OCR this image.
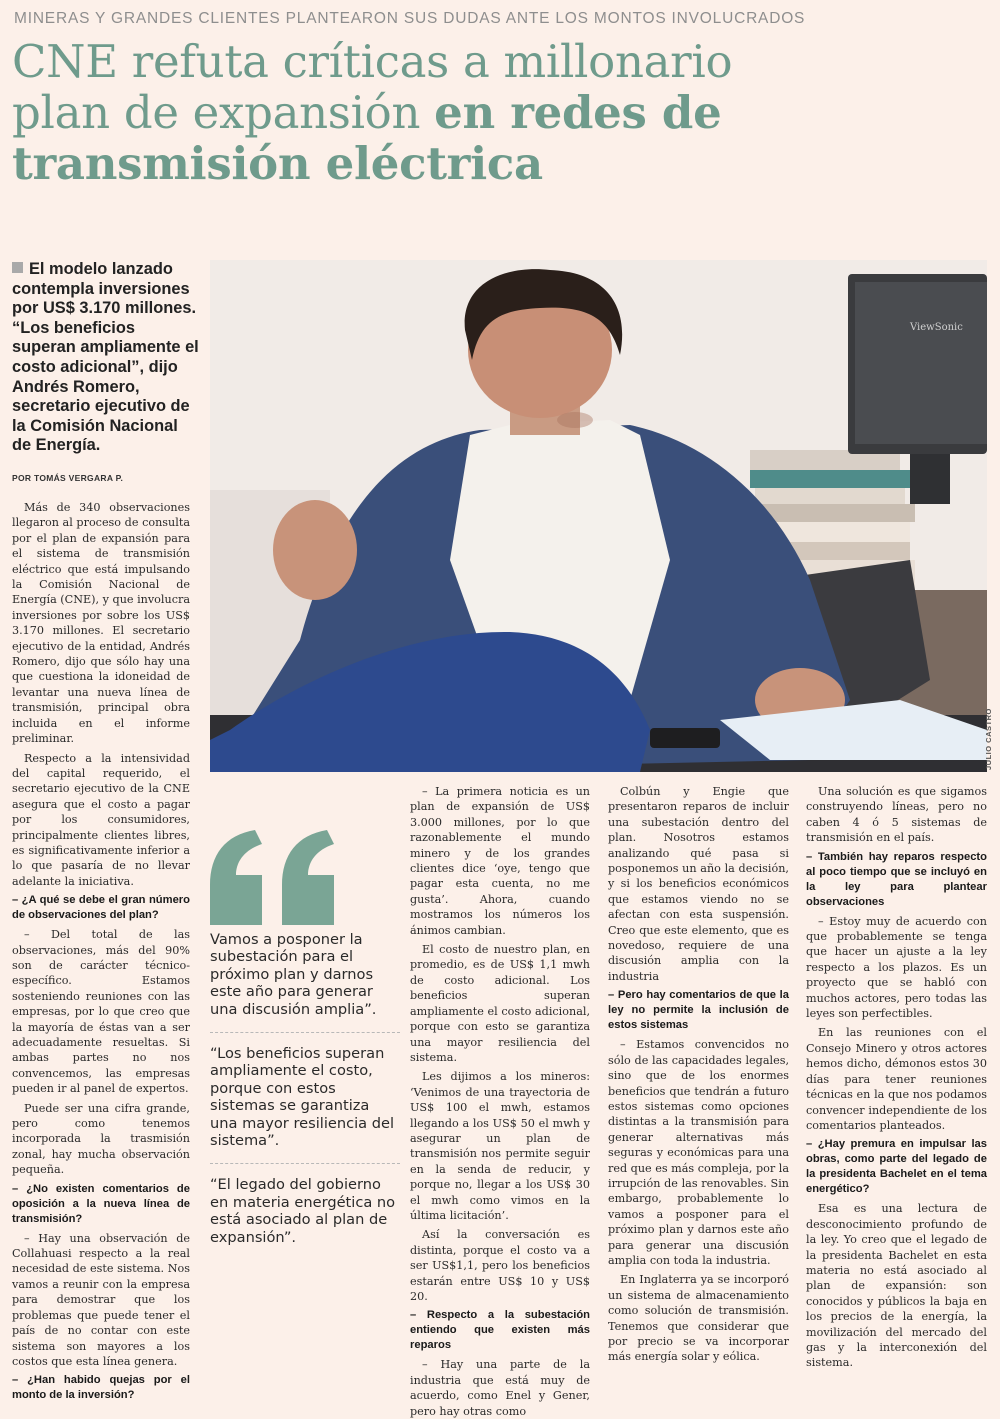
MINERAS Y GRANDES CLIENTES PLANTEARON SUS DUDAS ANTE LOS MONTOS INVOLUCRADOS
CNE refuta críticas a millonario
plan de expansión en redes de
transmisión eléctrica
El modelo lanzado contempla inversiones por US$ 3.170 millones. “Los beneficios superan ampliamente el costo adicional”, dijo Andrés Romero, secretario ejecutivo de la Comisión Nacional de Energía.
POR TOMÁS VERGARA P.

Más de 340 observaciones llegaron al proceso de consulta por el plan de expansión para el sistema de transmisión eléctrico que está impulsando la Comisión Nacional de Energía (CNE), y que involucra inversiones por sobre los US$ 3.170 millones. El secretario ejecutivo de la entidad, Andrés Romero, dijo que sólo hay una que cuestiona la idoneidad de levantar una nueva línea de transmisión, principal obra incluida en el informe preliminar.

Respecto a la intensividad del capital requerido, el secretario ejecutivo de la CNE asegura que el costo a pagar por los consumidores, principalmente clientes libres, es significativamente inferior a lo que pasaría de no llevar adelante la iniciativa.

– ¿A qué se debe el gran número de observaciones del plan?

– Del total de las observaciones, más del 90% son de carácter técnico-específico. Estamos sosteniendo reuniones con las empresas, por lo que creo que la mayoría de éstas van a ser adecuadamente resueltas. Si ambas partes no nos convencemos, las empresas pueden ir al panel de expertos.

Puede ser una cifra grande, pero como tenemos incorporada la trasmisión zonal, hay mucha observación pequeña.

– ¿No existen comentarios de oposición a la nueva línea de transmisión?

– Hay una observación de Collahuasi respecto a la real necesidad de este sistema. Nos vamos a reunir con la empresa para demostrar que los problemas que puede tener el país de no contar con este sistema son mayores a los costos que esta línea genera.

– ¿Han habido quejas por el monto de la inversión?

ViewSonic
JULIO CASTRO

Vamos a posponer la subestación para el próximo plan y darnos este año para generar una discusión amplia”.

“Los beneficios superan ampliamente el costo, porque con estos sistemas se garantiza una mayor resiliencia del sistema”.

“El legado del gobierno en materia energética no está asociado al plan de expansión”.

– La primera noticia es un plan de expansión de US$ 3.000 millones, por lo que razonablemente el mundo minero y de los grandes clientes dice ‘oye, tengo que pagar esta cuenta, no me gusta’. Ahora, cuando mostramos los números los ánimos cambian.

El costo de nuestro plan, en promedio, es de US$ 1,1 mwh de costo adicional. Los beneficios superan ampliamente el costo adicional, porque con esto se garantiza una mayor resiliencia del sistema.

Les dijimos a los mineros: ‘Venimos de una trayectoria de US$ 100 el mwh, estamos llegando a los US$ 50 el mwh y asegurar un plan de transmisión nos permite seguir en la senda de reducir, y porque no, llegar a los US$ 30 el mwh como vimos en la última licitación’.

Así la conversación es distinta, porque el costo va a ser US$1,1, pero los beneficios estarán entre US$ 10 y US$ 20.

– Respecto a la subestación entiendo que existen más reparos

– Hay una parte de la industria que está muy de acuerdo, como Enel y Gener, pero hay otras como

Colbún y Engie que presentaron reparos de incluir una subestación dentro del plan. Nosotros estamos analizando qué pasa si posponemos un año la decisión, y si los beneficios económicos que estamos viendo no se afectan con esta suspensión. Creo que este elemento, que es novedoso, requiere de una discusión amplia con la industria

– Pero hay comentarios de que la ley no permite la inclusión de estos sistemas

– Estamos convencidos no sólo de las capacidades legales, sino que de los enormes beneficios que tendrán a futuro estos sistemas como opciones distintas a la transmisión para generar alternativas más seguras y económicas para una red que es más compleja, por la irrupción de las renovables. Sin embargo, probablemente lo vamos a posponer para el próximo plan y darnos este año para generar una discusión amplia con toda la industria.

En Inglaterra ya se incorporó un sistema de almacenamiento como solución de transmisión. Tenemos que considerar que por precio se va incorporar más energía solar y eólica.

Una solución es que sigamos construyendo líneas, pero no caben 4 ó 5 sistemas de transmisión en el país.

– También hay reparos respecto al poco tiempo que se incluyó en la ley para plantear observaciones

– Estoy muy de acuerdo con que probablemente se tenga que hacer un ajuste a la ley respecto a los plazos. Es un proyecto que se habló con muchos actores, pero todas las leyes son perfectibles.

En las reuniones con el Consejo Minero y otros actores hemos dicho, démonos estos 30 días para tener reuniones técnicas en la que nos podamos convencer independiente de los comentarios planteados.

– ¿Hay premura en impulsar las obras, como parte del legado de la presidenta Bachelet en el tema energético?

Esa es una lectura de desconocimiento profundo de la ley. Yo creo que el legado de la presidenta Bachelet en esta materia no está asociado al plan de expansión: son conocidos y públicos la baja en los precios de la energía, la movilización del mercado del gas y la interconexión del sistema.
